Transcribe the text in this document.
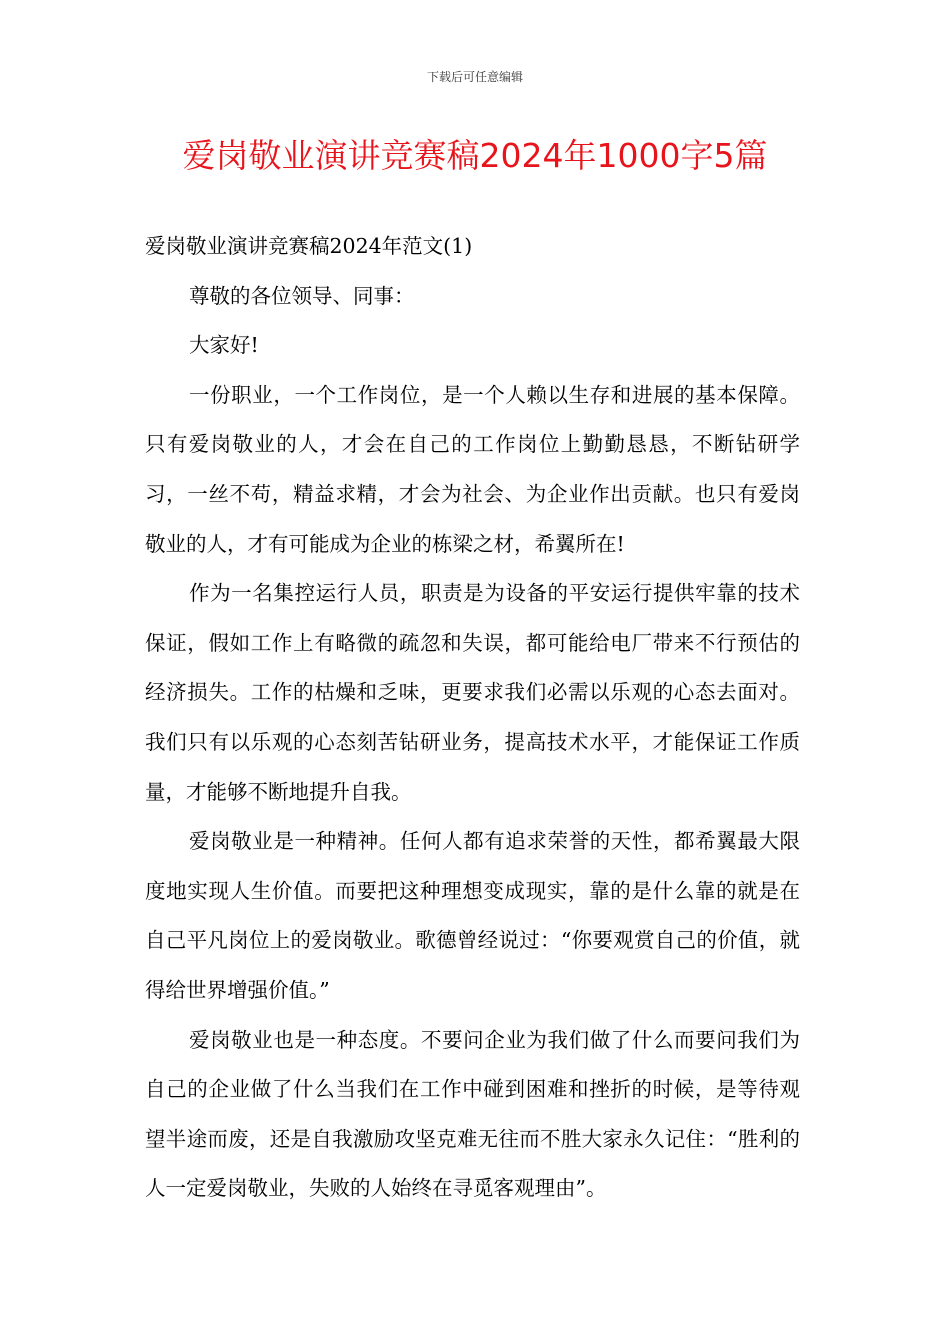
下载后可任意编辑
爱岗敬业演讲竞赛稿2024年1000字5篇

爱岗敬业演讲竞赛稿2024年范文(1)

尊敬的各位领导、同事：

大家好!

一份职业，一个工作岗位，是一个人赖以生存和进展的基本保障。只有爱岗敬业的人，才会在自己的工作岗位上勤勤恳恳，不断钻研学习，一丝不苟，精益求精，才会为社会、为企业作出贡献。也只有爱岗敬业的人，才有可能成为企业的栋梁之材，希翼所在!

作为一名集控运行人员，职责是为设备的平安运行提供牢靠的技术保证，假如工作上有略微的疏忽和失误，都可能给电厂带来不行预估的经济损失。工作的枯燥和乏味，更要求我们必需以乐观的心态去面对。我们只有以乐观的心态刻苦钻研业务，提高技术水平，才能保证工作质量，才能够不断地提升自我。

爱岗敬业是一种精神。任何人都有追求荣誉的天性，都希翼最大限度地实现人生价值。而要把这种理想变成现实，靠的是什么靠的就是在自己平凡岗位上的爱岗敬业。歌德曾经说过：“你要观赏自己的价值，就得给世界增强价值。”

爱岗敬业也是一种态度。不要问企业为我们做了什么而要问我们为自己的企业做了什么当我们在工作中碰到困难和挫折的时候，是等待观望半途而废，还是自我激励攻坚克难无往而不胜大家永久记住：“胜利的人一定爱岗敬业，失败的人始终在寻觅客观理由”。
